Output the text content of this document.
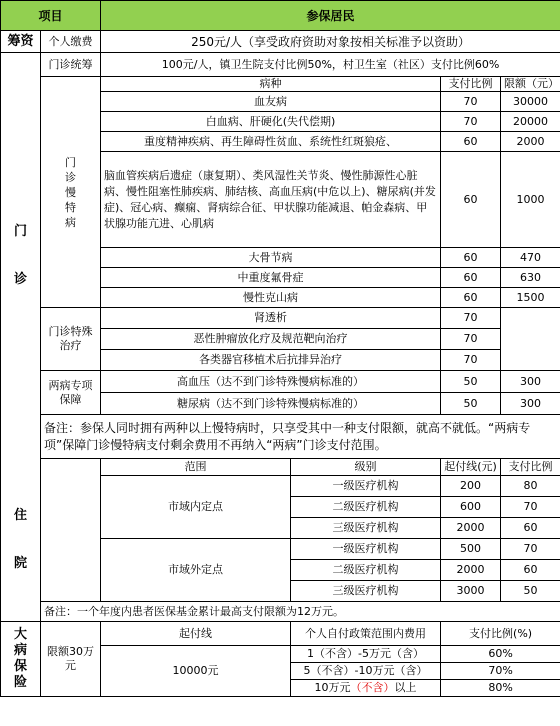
项目		参保居民			
筹资	个人缴费	250元/人（享受政府资助对象按相关标准予以资助）			

门
诊	门诊统筹	100元/人，镇卫生院支付比例50%，村卫生室（社区）支付比例60%			

	门
诊
慢
特
病	病种		支付比例	限额（元）
		血友病		70	30000
		白血病、肝硬化(失代偿期)		70	20000
		重度精神疾病、再生障碍性贫血、系统性红斑狼疮、		60	2000
		脑血管疾病后遗症（康复期）、类风湿性关节炎、慢性肺源性心脏病、慢性阻塞性肺疾病、肺结核、高血压病(中危以上)、糖尿病(并发症)、冠心病、癫痫、肾病综合征、甲状腺功能减退、帕金森病、甲状腺功能亢进、心肌病		60	1000
		大骨节病		60	470
		中重度氟骨症		60	630
		慢性克山病		60	1500
	门诊特殊治疗	肾透析		70	
		恶性肿瘤放化疗及规范靶向治疗		70	
		各类器官移植术后抗排异治疗		70	
	两病专项保障	高血压（达不到门诊特殊慢病标准的）		50	300
		糖尿病（达不到门诊特殊慢病标准的）		50	300
	备注：参保人同时拥有两种以上慢特病时，只享受其中一种支付限额，就高不就低。“两病专项”保障门诊慢特病支付剩余费用不再纳入“两病”门诊支付范围。				

住
院		范围	级别	起付线(元)	支付比例
		市域内定点	一级医疗机构	200	80
			二级医疗机构	600	70
			三级医疗机构	2000	60
		市域外定点	一级医疗机构	500	70
			二级医疗机构	2000	60
			三级医疗机构	3000	50
	备注：一个年度内患者医保基金累计最高支付限额为12万元。				

大
病
保
险	限额30万元	起付线	个人自付政策范围内费用	支付比例(%)	
		10000元	1（不含）-5万元（含）	60%	
			5（不含）-10万元（含）	70%	
			10万元（不含）以上	80%	
